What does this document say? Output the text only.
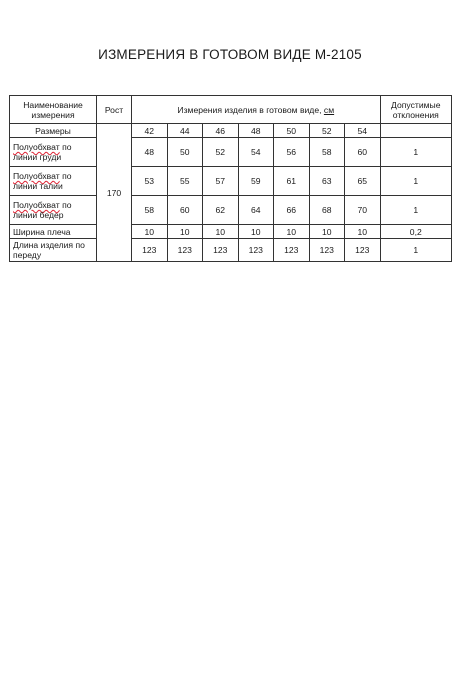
ИЗМЕРЕНИЯ В ГОТОВОМ ВИДЕ М-2105
Наименование измерения	Рост	Измерения изделия в готовом виде, см							Допустимые отклонения
Размеры	170	42	44	46	48	50	52	54	
Полуобхват по линии груди		48	50	52	54	56	58	60	1
Полуобхват по линии талии		53	55	57	59	61	63	65	1
Полуобхват по линии бедер		58	60	62	64	66	68	70	1
Ширина плеча		10	10	10	10	10	10	10	0,2
Длина изделия по переду		123	123	123	123	123	123	123	1
